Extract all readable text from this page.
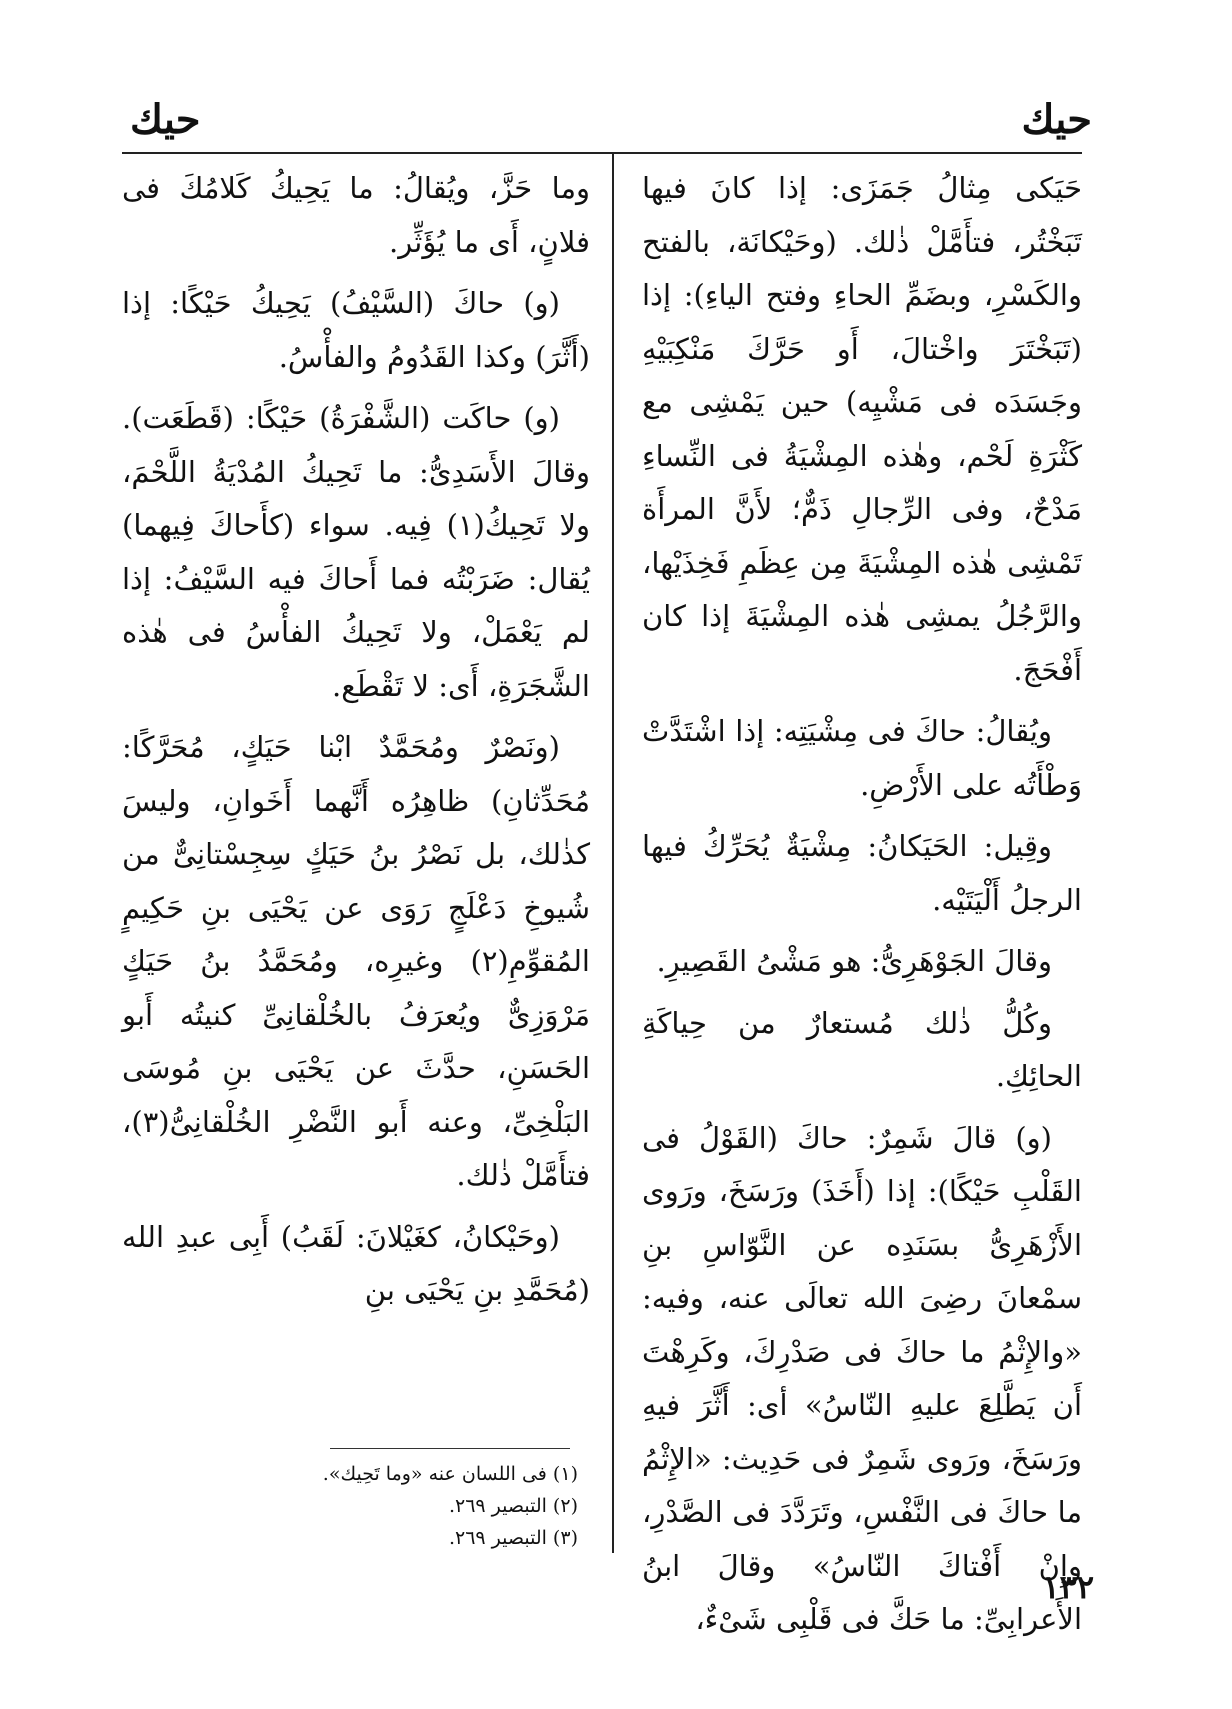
حيك
حيك

حَيَكى مِثالُ جَمَزَى: إذا كانَ فيها تَبَخْتُر، فتأَمَّلْ ذٰلك. (وحَيْكانَة، بالفتح والكَسْرِ، وبضَمِّ الحاءِ وفتح الياءِ): إذا (تَبَخْتَرَ واخْتالَ، أَو حَرَّكَ مَنْكِبَيْهِ وجَسَدَه فى مَشْيِه) حين يَمْشِى مع كَثْرَةِ لَحْم، وهٰذه المِشْيَةُ فى النِّساءِ مَدْحٌ، وفى الرِّجالِ ذَمٌّ؛ لأَنَّ المرأَة تَمْشِى هٰذه المِشْيَةَ مِن عِظَمِ فَخِذَيْها، والرَّجُلُ يمشِى هٰذه المِشْيَةَ إذا كان أَفْحَجَ.

ويُقالُ: حاكَ فى مِشْيَتِه: إذا اشْتَدَّتْ وَطْأَتُه على الأَرْضِ.

وقِيل: الحَيَكانُ: مِشْيَةٌ يُحَرِّكُ فيها الرجلُ أَلْيَتَيْه.

وقالَ الجَوْهَرِىُّ: هو مَشْىُ القَصِيرِ.

وكُلُّ ذٰلك مُستعارٌ من حِياكَةِ الحائِكِ.

(و) قالَ شَمِرٌ: حاكَ (القَوْلُ فى القَلْبِ حَيْكًا): إذا (أَخَذَ) ورَسَخَ، ورَوى الأَزْهَرِىُّ بسَنَدِه عن النَّوّاسِ بنِ سمْعانَ رضِىَ الله تعالَى عنه، وفيه: «والإِثْمُ ما حاكَ فى صَدْرِكَ، وكَرِهْتَ أَن يَطَّلِعَ عليهِ النّاسُ» أى: أَثَّرَ فيهِ ورَسَخَ، ورَوى شَمِرٌ فى حَدِيث: «الإِثْمُ ما حاكَ فى النَّفْسِ، وتَرَدَّدَ فى الصَّدْرِ، وإِنْ أَفْتاكَ النّاسُ» وقالَ ابنُ الأَعرابِىِّ: ما حَكَّ فى قَلْبِى شَىْءٌ،

وما حَزَّ، ويُقالُ: ما يَحِيكُ كَلامُكَ فى فلانٍ، أَى ما يُؤَثِّر.

(و) حاكَ (السَّيْفُ) يَحِيكُ حَيْكًا: إذا (أَثَّرَ) وكذا القَدُومُ والفأْسُ.

(و) حاكَت (الشَّفْرَةُ) حَيْكًا: (قَطَعَت). وقالَ الأَسَدِىُّ: ما تَحِيكُ المُدْيَةُ اللَّحْمَ، ولا تَحِيكُ(١) فِيه. سواء (كأَحاكَ فِيهما) يُقال: ضَرَبْتُه فما أَحاكَ فيه السَّيْفُ: إذا لم يَعْمَلْ، ولا تَحِيكُ الفأْسُ فى هٰذه الشَّجَرَةِ، أَى: لا تَقْطَع.

(ونَصْرٌ ومُحَمَّدٌ ابْنا حَيَكٍ، مُحَرَّكًا: مُحَدِّثانِ) ظاهِرُه أَنَّهما أَخَوانِ، وليسَ كذٰلك، بل نَصْرُ بنُ حَيَكٍ سِجِسْتانِىٌّ من شُيوخِ دَعْلَجٍ رَوَى عن يَحْيَى بنِ حَكِيمٍ المُقوِّمِ(٢) وغيرِه، ومُحَمَّدُ بنُ حَيَكٍ مَرْوَزِىٌّ ويُعرَفُ بالخُلْقانِىِّ كنيتُه أَبو الحَسَنِ، حدَّثَ عن يَحْيَى بنِ مُوسَى البَلْخِىِّ، وعنه أَبو النَّضْرِ الخُلْقانِىُّ(٣)، فتأَمَّلْ ذٰلك.

(وحَيْكانُ، كغَيْلانَ: لَقَبُ) أَبِى عبدِ الله (مُحَمَّدِ بنِ يَحْيَى بنِ

(١) فى اللسان عنه «وما تَحِيك».
(٢) التبصير ٢٦٩.
(٣) التبصير ٢٦٩.
١٣٢
